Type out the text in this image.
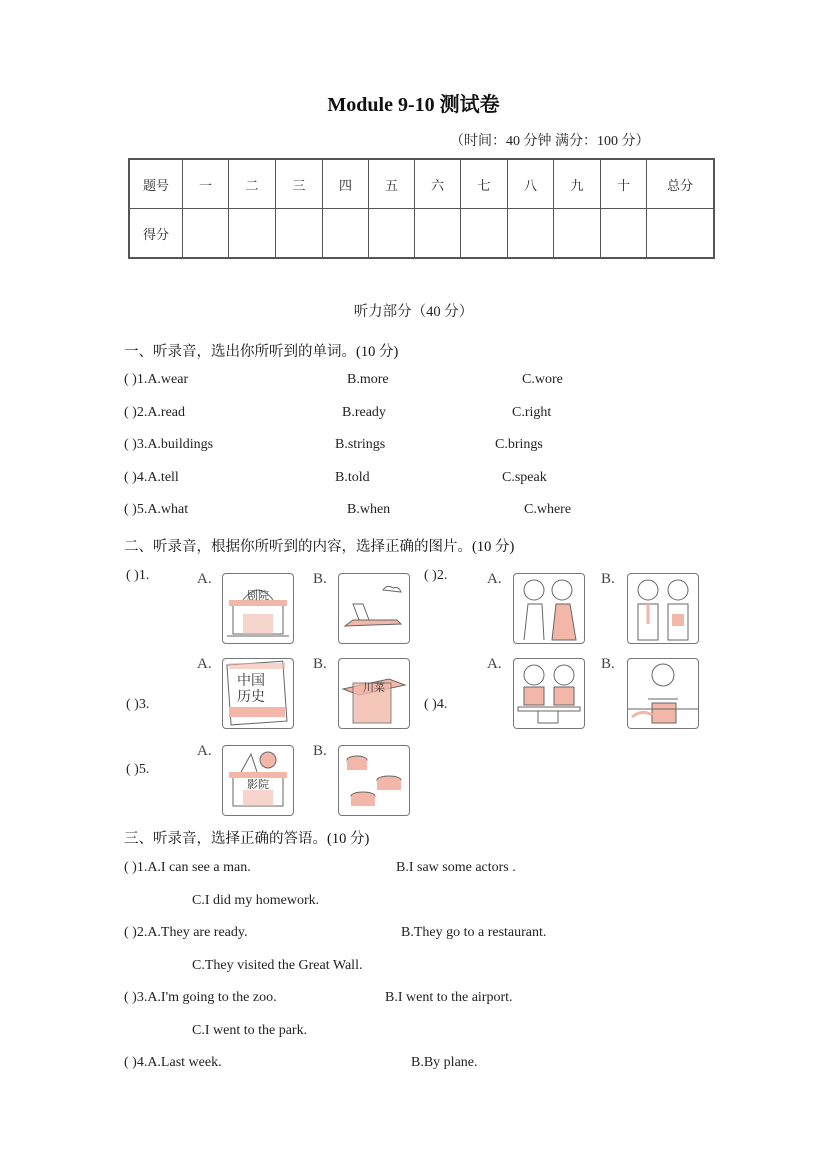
Module 9-10 测试卷
（时间：40 分钟 满分：100 分）
题号	一	二	三	四	五	六	七	八	九	十	总分
得分											
听力部分（40 分）
一、听录音，选出你所听到的单词。(10 分)
( )1.A.wear	B.more	C.wore
( )2.A.read	B.ready	C.right
( )3.A.buildings	B.strings	C.brings
( )4.A.tell	B.told	C.speak
( )5.A.what	B.when	C.where
二、听录音，根据你所听到的内容，选择正确的图片。(10 分)
( )1.	A.	B.
剧院
( )2.	A.	B.
( )3.
A.	B.
中国历史
川菜
( )4.
A.	B.
( )5.
A.	B.
影院
三、听录音，选择正确的答语。(10 分)
( )1.A.I can see a man.	B.I saw some actors .
C.I did my homework.
( )2.A.They are ready.	B.They go to a restaurant.
C.They visited the Great Wall.
( )3.A.I'm going to the zoo.	B.I went to the airport.
C.I went to the park.
( )4.A.Last week.	B.By plane.
